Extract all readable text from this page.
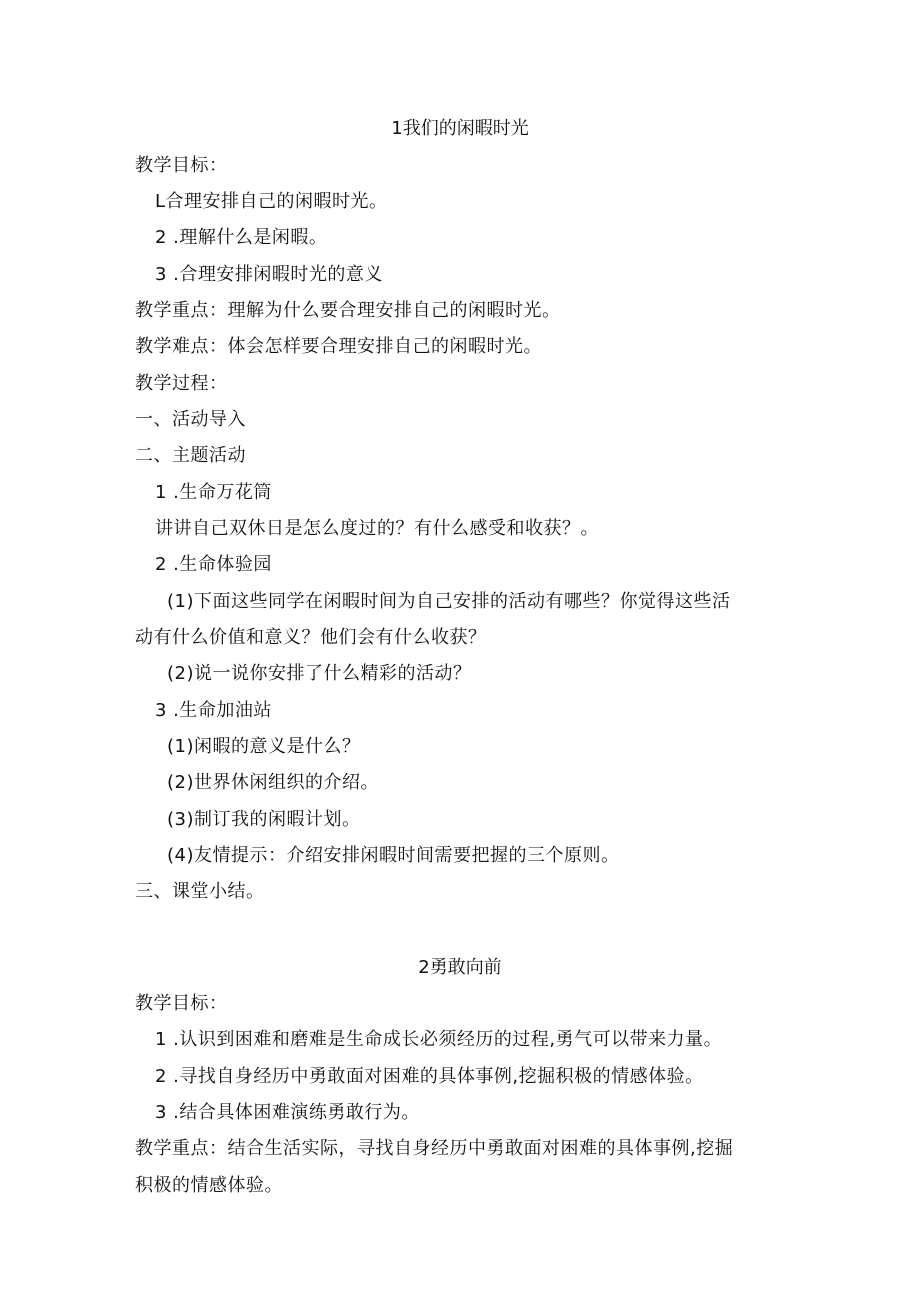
1我们的闲暇时光
教学目标：
L合理安排自己的闲暇时光。
2 .理解什么是闲暇。
3 .合理安排闲暇时光的意义
教学重点：理解为什么要合理安排自己的闲暇时光。
教学难点：体会怎样要合理安排自己的闲暇时光。
教学过程：
一、活动导入
二、主题活动
1 .生命万花筒
讲讲自己双休日是怎么度过的？有什么感受和收获？。
2 .生命体验园
(1)下面这些同学在闲暇时间为自己安排的活动有哪些？你觉得这些活
动有什么价值和意义？他们会有什么收获？
(2)说一说你安排了什么精彩的活动？
3 .生命加油站
(1)闲暇的意义是什么？
(2)世界休闲组织的介绍。
(3)制订我的闲暇计划。
(4)友情提示：介绍安排闲暇时间需要把握的三个原则。
三、课堂小结。
2勇敢向前
教学目标：
1 .认识到困难和磨难是生命成长必须经历的过程,勇气可以带来力量。
2 .寻找自身经历中勇敢面对困难的具体事例,挖掘积极的情感体验。
3 .结合具体困难演练勇敢行为。
教学重点：结合生活实际，寻找自身经历中勇敢面对困难的具体事例,挖掘
积极的情感体验。
